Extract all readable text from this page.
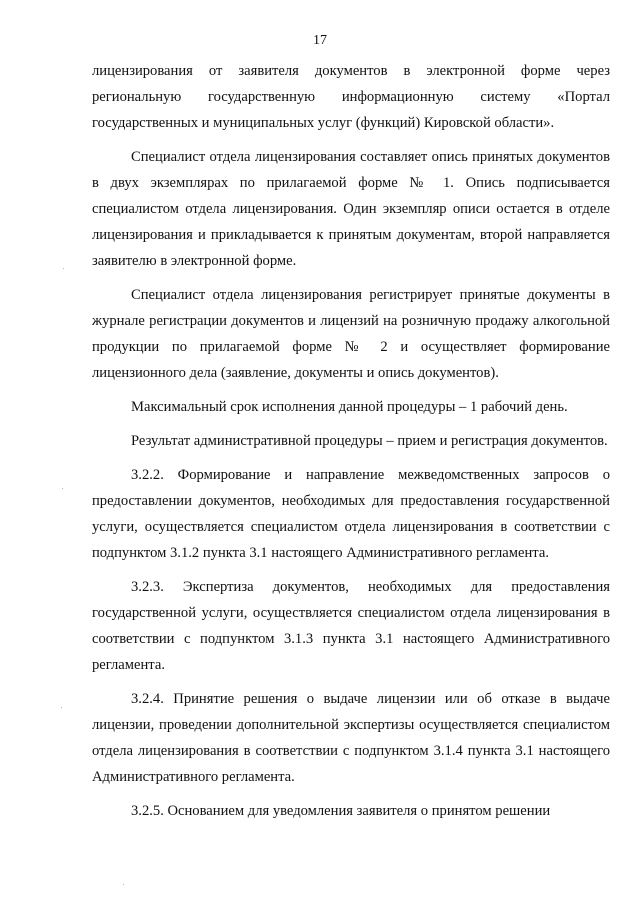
17

лицензирования от заявителя документов в электронной форме через региональную государственную информационную систему «Портал государственных и муниципальных услуг (функций) Кировской области».

Специалист отдела лицензирования составляет опись принятых документов в двух экземплярах по прилагаемой форме № 1. Опись подписывается специалистом отдела лицензирования. Один экземпляр описи остается в отделе лицензирования и прикладывается к принятым документам, второй направляется заявителю в электронной форме.

Специалист отдела лицензирования регистрирует принятые документы в журнале регистрации документов и лицензий на розничную продажу алкогольной продукции по прилагаемой форме № 2 и осуществляет формирование лицензионного дела (заявление, документы и опись документов).

Максимальный срок исполнения данной процедуры – 1 рабочий день.

Результат административной процедуры – прием и регистрация документов.

3.2.2. Формирование и направление межведомственных запросов о предоставлении документов, необходимых для предоставления государственной услуги, осуществляется специалистом отдела лицензирования в соответствии с подпунктом 3.1.2 пункта 3.1 настоящего Административного регламента.

3.2.3. Экспертиза документов, необходимых для предоставления государственной услуги, осуществляется специалистом отдела лицензирования в соответствии с подпунктом 3.1.3 пункта 3.1 настоящего Административного регламента.

3.2.4. Принятие решения о выдаче лицензии или об отказе в выдаче лицензии, проведении дополнительной экспертизы осуществляется специалистом отдела лицензирования в соответствии с подпунктом 3.1.4 пункта 3.1 настоящего Административного регламента.

3.2.5. Основанием для уведомления заявителя о принятом решении
